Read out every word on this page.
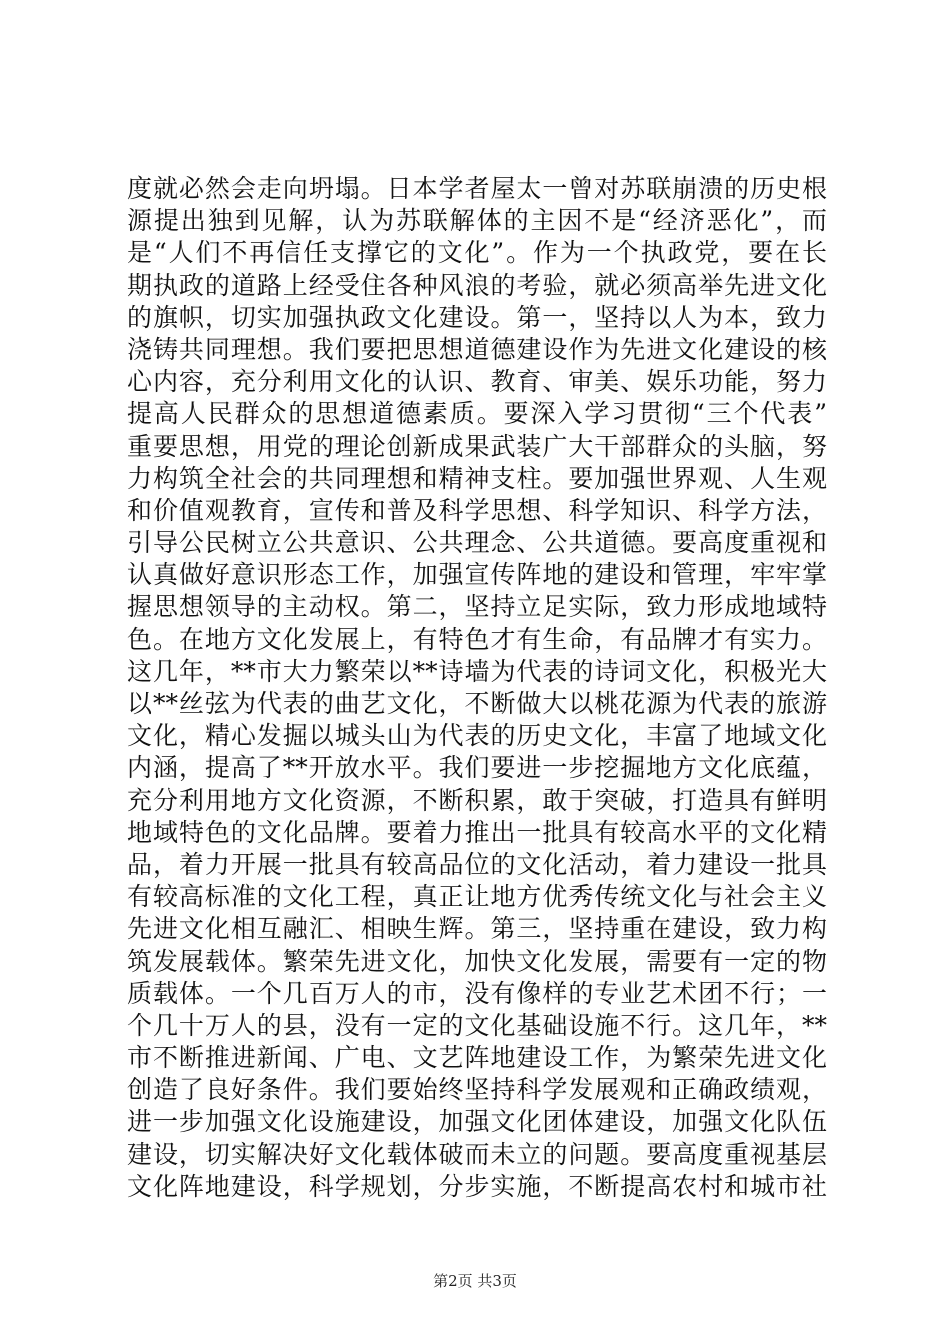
度就必然会走向坍塌。日本学者屋太一曾对苏联崩溃的历史根
源提出独到见解，认为苏联解体的主因不是“经济恶化”，而
是“人们不再信任支撑它的文化”。作为一个执政党，要在长
期执政的道路上经受住各种风浪的考验，就必须高举先进文化
的旗帜，切实加强执政文化建设。第一，坚持以人为本，致力
浇铸共同理想。我们要把思想道德建设作为先进文化建设的核
心内容，充分利用文化的认识、教育、审美、娱乐功能，努力
提高人民群众的思想道德素质。要深入学习贯彻“三个代表”
重要思想，用党的理论创新成果武装广大干部群众的头脑，努
力构筑全社会的共同理想和精神支柱。要加强世界观、人生观
和价值观教育，宣传和普及科学思想、科学知识、科学方法，
引导公民树立公共意识、公共理念、公共道德。要高度重视和
认真做好意识形态工作，加强宣传阵地的建设和管理，牢牢掌
握思想领导的主动权。第二，坚持立足实际，致力形成地域特
色。在地方文化发展上，有特色才有生命，有品牌才有实力。
这几年，**市大力繁荣以**诗墙为代表的诗词文化，积极光大
以**丝弦为代表的曲艺文化，不断做大以桃花源为代表的旅游
文化，精心发掘以城头山为代表的历史文化，丰富了地域文化
内涵，提高了**开放水平。我们要进一步挖掘地方文化底蕴，
充分利用地方文化资源，不断积累，敢于突破，打造具有鲜明
地域特色的文化品牌。要着力推出一批具有较高水平的文化精
品，着力开展一批具有较高品位的文化活动，着力建设一批具
有较高标准的文化工程，真正让地方优秀传统文化与社会主义
先进文化相互融汇、相映生辉。第三，坚持重在建设，致力构
筑发展载体。繁荣先进文化，加快文化发展，需要有一定的物
质载体。一个几百万人的市，没有像样的专业艺术团不行；一
个几十万人的县，没有一定的文化基础设施不行。这几年，**
市不断推进新闻、广电、文艺阵地建设工作，为繁荣先进文化
创造了良好条件。我们要始终坚持科学发展观和正确政绩观，
进一步加强文化设施建设，加强文化团体建设，加强文化队伍
建设，切实解决好文化载体破而未立的问题。要高度重视基层
文化阵地建设，科学规划，分步实施，不断提高农村和城市社
第2页 共3页
